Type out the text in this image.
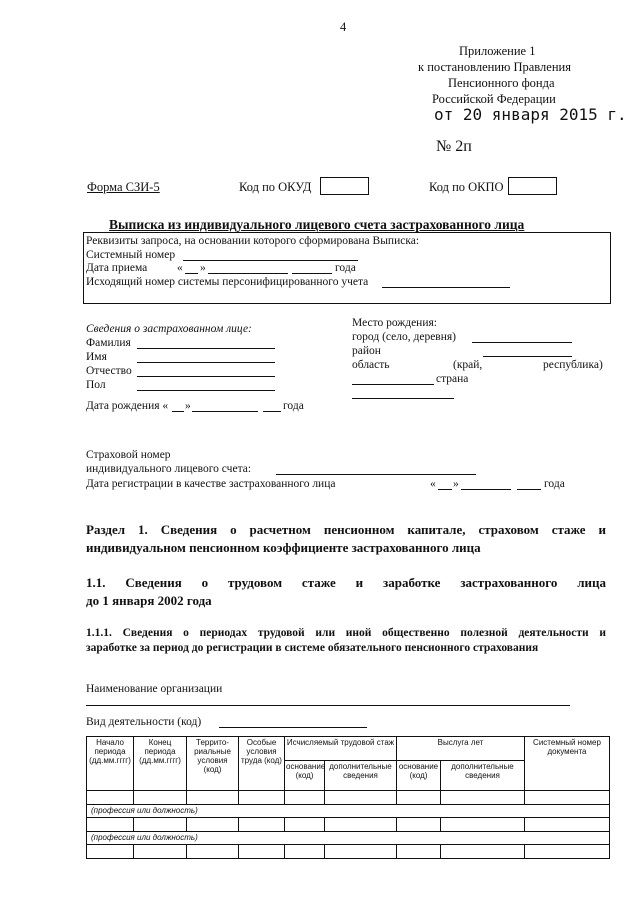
4
Приложение 1
к постановлению Правления
Пенсионного фонда
Российской Федерации
от 20 января 2015 г.
№ 2п
Форма СЗИ-5	Код по ОКУД	Код по ОКПО
Выписка из индивидуального лицевого счета застрахованного лица
Реквизиты запроса, на основании которого сформирована Выписка:
Системный номер
Дата приема	« »	года
Исходящий номер системы персонифицированного учета
Сведения о застрахованном лице:
Фамилия
Имя
Отчество
Пол
Дата рождения « »	года
Место рождения:
город (село, деревня)
район
область	(край,	республика)
страна
Страховой номер
индивидуального лицевого счета:
Дата регистрации в качестве застрахованного лица	« »	года
Раздел 1. Сведения о расчетном пенсионном капитале, страховом стаже и
индивидуальном пенсионном коэффициенте застрахованного лица
1.1. Сведения о трудовом стаже и заработке застрахованного лица
до 1 января 2002 года
1.1.1. Сведения о периодах трудовой или иной общественно полезной деятельности и
заработке за период до регистрации в системе обязательного пенсионного страхования
Наименование организации
Вид деятельности (код)
Начало периода (дд.мм.гггг)	Конец периода (дд.мм.гггг)	Террито-риальные условия (код)	Особые условия труда (код)	Исчисляемый трудовой стаж		Выслуга лет		Системный номер документа
				основание (код)	дополнительные сведения	основание (код)	дополнительные сведения	

(профессия или должность)								

(профессия или должность)								
